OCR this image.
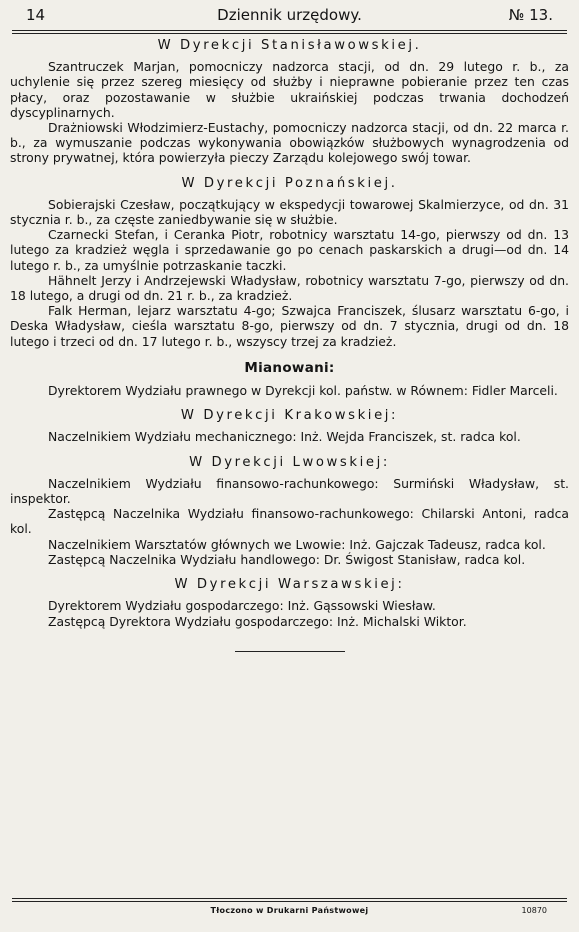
14	Dziennik urzędowy.	№ 13.
W Dyrekcji Stanisławowskiej.

Szantruczek Marjan, pomocniczy nadzorca stacji, od dn. 29 lutego r. b., za uchylenie się przez szereg miesięcy od służby i nieprawne pobieranie przez ten czas płacy, oraz pozostawanie w służbie ukraińskiej podczas trwania dochodzeń dyscyplinarnych.

Drażniowski Włodzimierz-Eustachy, pomocniczy nadzorca stacji, od dn. 22 marca r. b., za wymuszanie podczas wykonywania obowiązków służbowych wynagrodzenia od strony prywatnej, która powierzyła pieczy Zarządu kolejowego swój towar.

W Dyrekcji Poznańskiej.

Sobierajski Czesław, początkujący w ekspedycji towarowej Skalmierzyce, od dn. 31 stycznia r. b., za częste zaniedbywanie się w służbie.

Czarnecki Stefan, i Ceranka Piotr, robotnicy warsztatu 14-go, pierwszy od dn. 13 lutego za kradzież węgla i sprzedawanie go po cenach paskarskich a drugi—od dn. 14 lutego r. b., za umyślnie potrzaskanie taczki.

Hähnelt Jerzy i Andrzejewski Władysław, robotnicy warsztatu 7-go, pierwszy od dn. 18 lutego, a drugi od dn. 21 r. b., za kradzież.

Falk Herman, lejarz warsztatu 4-go; Szwajca Franciszek, ślusarz warsztatu 6-go, i Deska Władysław, cieśla warsztatu 8-go, pierwszy od dn. 7 stycznia, drugi od dn. 18 lutego i trzeci od dn. 17 lutego r. b., wszyscy trzej za kradzież.

Mianowani:

Dyrektorem Wydziału prawnego w Dyrekcji kol. państw. w Równem: Fidler Marceli.

W Dyrekcji Krakowskiej:

Naczelnikiem Wydziału mechanicznego: Inż. Wejda Franciszek, st. radca kol.

W Dyrekcji Lwowskiej:

Naczelnikiem Wydziału finansowo-rachunkowego: Surmiński Władysław, st. inspektor.

Zastępcą Naczelnika Wydziału finansowo-rachunkowego: Chilarski Antoni, radca kol.

Naczelnikiem Warsztatów głównych we Lwowie: Inż. Gajczak Tadeusz, radca kol.

Zastępcą Naczelnika Wydziału handlowego: Dr. Świgost Stanisław, radca kol.

W Dyrekcji Warszawskiej:

Dyrektorem Wydziału gospodarczego: Inż. Gąssowski Wiesław.

Zastępcą Dyrektora Wydziału gospodarczego: Inż. Michalski Wiktor.

Tłoczono w Drukarni Państwowej	10870
